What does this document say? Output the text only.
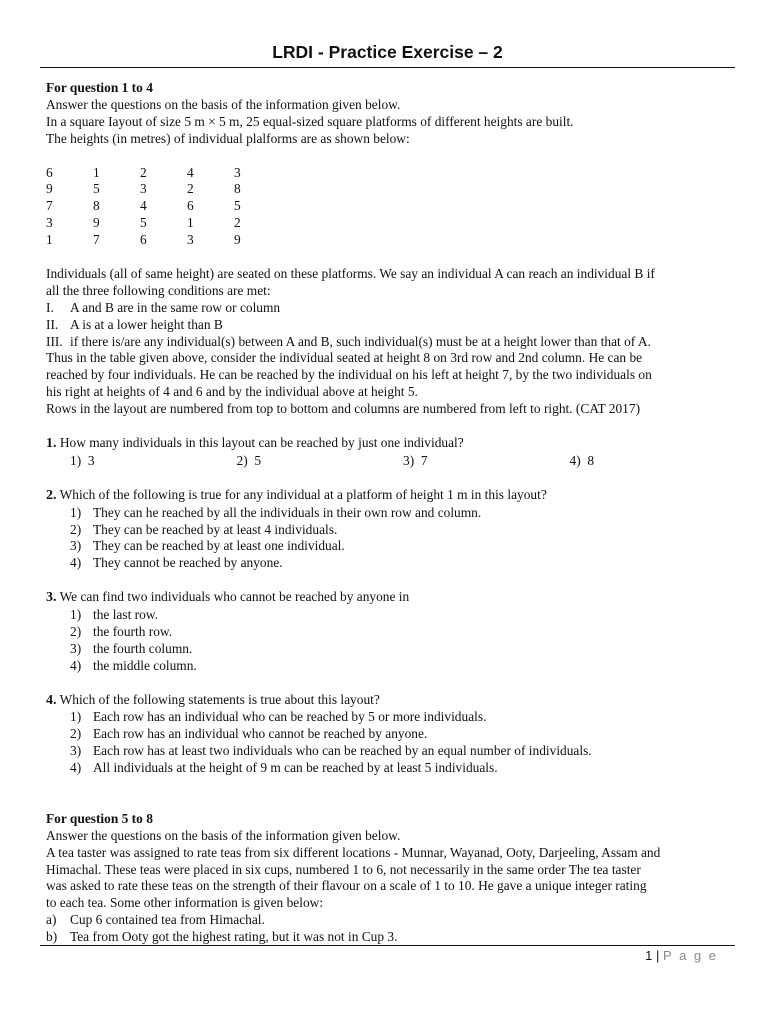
LRDI - Practice Exercise – 2
For question 1 to 4
Answer the questions on the basis of the information given below.
In a square Iayout of size 5 m × 5 m, 25 equal-sized square platforms of different heights are built.
The heights (in metres) of individual plalforms are as shown below:
6	1	2	4	3
9	5	3	2	8
7	8	4	6	5
3	9	5	1	2
1	7	6	3	9
Individuals (all of same height) are seated on these platforms. We say an individual A can reach an individual B if
all the three following conditions are met:
I.	A and B are in the same row or column
II. A is at a lower height than B
III. if there is/are any individual(s) between A and B, such individual(s) must be at a height lower than that of A.
Thus in the table given above, consider the individual seated at height 8 on 3rd row and 2nd column. He can be
reached by four individuals. He can be reached by the individual on his left at height 7, by the two individuals on
his right at heights of 4 and 6 and by the individual above at height 5.
Rows in the layout are numbered from top to bottom and columns are numbered from left to right. (CAT 2017)
1. How many individuals in this layout can be reached by just one individual?
1) 3	2) 5	3) 7	4) 8
2. Which of the following is true for any individual at a platform of height 1 m in this layout?
1) They can he reached by all the individuals in their own row and column.
2) They can be reached by at least 4 individuals.
3) They can be reached by at least one individual.
4) They cannot be reached by anyone.
3. We can find two individuals who cannot be reached by anyone in
1) the last row.
2) the fourth row.
3) the fourth column.
4) the middle column.
4. Which of the following statements is true about this layout?
1) Each row has an individual who can be reached by 5 or more individuals.
2) Each row has an individual who cannot be reached by anyone.
3) Each row has at least two individuals who can be reached by an equal number of individuals.
4) All individuals at the height of 9 m can be reached by at least 5 individuals.
For question 5 to 8
Answer the questions on the basis of the information given below.
A tea taster was assigned to rate teas from six different locations - Munnar, Wayanad, Ooty, Darjeeling, Assam and
Himachal. These teas were placed in six cups, numbered 1 to 6, not necessarily in the same order The tea taster
was asked to rate these teas on the strength of their flavour on a scale of 1 to 10. He gave a unique integer rating
to each tea. Some other information is given below:
a)	Cup 6 contained tea from Himachal.
b) Tea from Ooty got the highest rating, but it was not in Cup 3.
1 | P a g e
